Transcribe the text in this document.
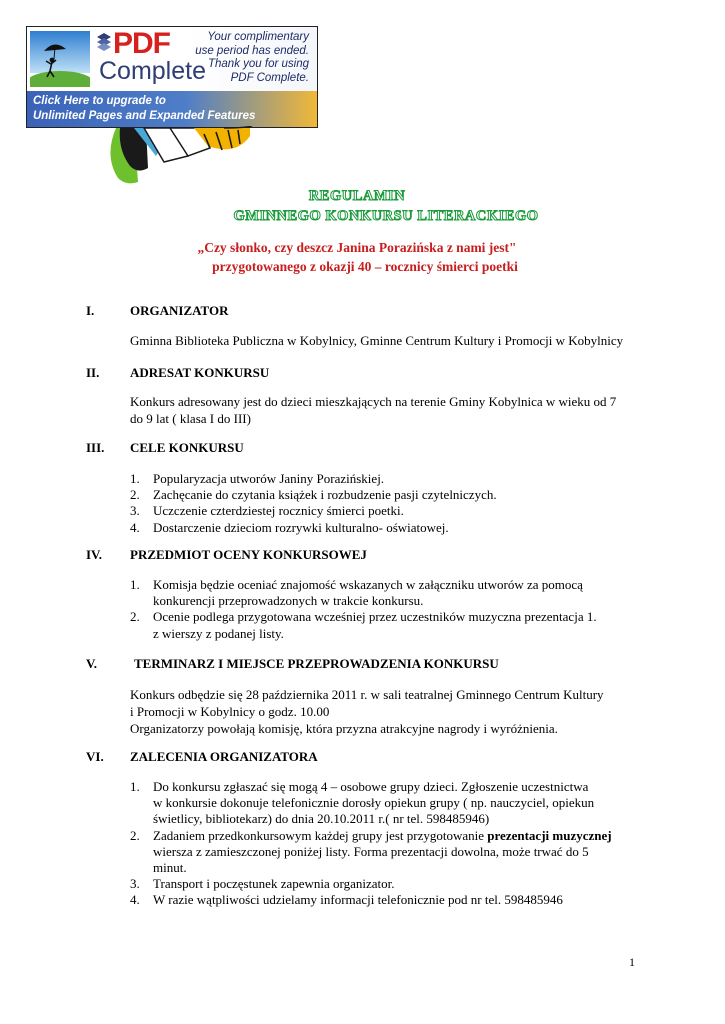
PDF
Complete
Your complimentary
use period has ended.
Thank you for using
PDF Complete.
Click Here to upgrade to
Unlimited Pages and Expanded Features
REGULAMIN
GMINNEGO KONKURSU LITERACKIEGO
„Czy słonko, czy deszcz Janina Porazińska z nami jest"
przygotowanego z okazji 40 – rocznicy śmierci poetki
I.	ORGANIZATOR
Gminna Biblioteka Publiczna w Kobylnicy, Gminne Centrum Kultury i Promocji w Kobylnicy
II. ADRESAT KONKURSU
Konkurs adresowany jest do dzieci mieszkających na terenie Gminy Kobylnica w wieku od 7
do 9 lat ( klasa I do III)
III. CELE KONKURSU
1. Popularyzacja utworów Janiny Porazińskiej.
2. Zachęcanie do czytania książek i rozbudzenie pasji czytelniczych.
3. Uczczenie czterdziestej rocznicy śmierci poetki.
4. Dostarczenie dzieciom rozrywki kulturalno- oświatowej.
IV. PRZEDMIOT OCENY KONKURSOWEJ
1. Komisja będzie oceniać znajomość wskazanych w załączniku utworów za pomocą
konkurencji przeprowadzonych w trakcie konkursu.
2. Ocenie podlega przygotowana wcześniej przez uczestników muzyczna prezentacja 1.
z wierszy z podanej listy.
V.	TERMINARZ I MIEJSCE PRZEPROWADZENIA KONKURSU
Konkurs odbędzie się 28 października 2011 r. w sali teatralnej Gminnego Centrum Kultury
i Promocji w Kobylnicy o godz. 10.00
Organizatorzy powołają komisję, która przyzna atrakcyjne nagrody i wyróżnienia.
VI. ZALECENIA ORGANIZATORA
1. Do konkursu zgłaszać się mogą 4 – osobowe grupy dzieci. Zgłoszenie uczestnictwa
w konkursie dokonuje telefonicznie dorosły opiekun grupy ( np. nauczyciel, opiekun
świetlicy, bibliotekarz) do dnia 20.10.2011 r.( nr tel. 598485946)
2. Zadaniem przedkonkursowym każdej grupy jest przygotowanie prezentacji muzycznej
wiersza z zamieszczonej poniżej listy. Forma prezentacji dowolna, może trwać do 5
minut.
3. Transport i poczęstunek zapewnia organizator.
4. W razie wątpliwości udzielamy informacji telefonicznie pod nr tel. 598485946
1
